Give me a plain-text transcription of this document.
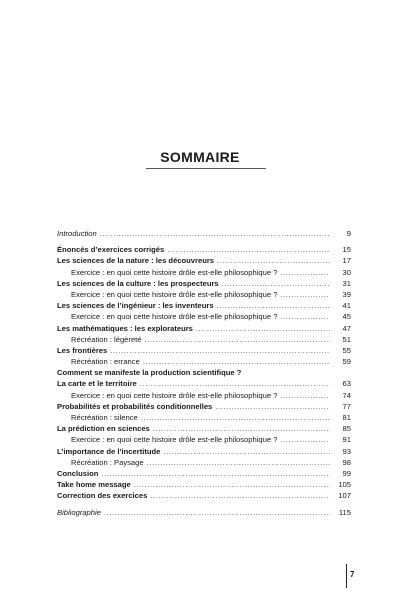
SOMMAIRE
Introduction .....	9
Énoncés d’exercices corrigés .....	15
Les sciences de la nature : les découvreurs .....	17
Exercice : en quoi cette histoire drôle est-elle philosophique ? .....	30
Les sciences de la culture : les prospecteurs .....	31
Exercice : en quoi cette histoire drôle est-elle philosophique ? .....	39
Les sciences de l’ingénieur : les inventeurs .....	41
Exercice : en quoi cette histoire drôle est-elle philosophique ? .....	45
Les mathématiques : les explorateurs .....	47
Récréation : légèreté .....	51
Les frontières .....	55
Récréation : errance .....	59
Comment se manifeste la production scientifique ?
La carte et le territoire .....	63
Exercice : en quoi cette histoire drôle est-elle philosophique ? .....	74
Probabilités et probabilités conditionnelles .....	77
Récréation : silence .....	81
La prédiction en sciences .....	85
Exercice : en quoi cette histoire drôle est-elle philosophique ? .....	91
L’importance de l’incertitude .....	93
Récréation : Paysage .....	98
Conclusion .....	99
Take home message .....	105
Correction des exercices .....	107
Bibliographie .....	115
7
